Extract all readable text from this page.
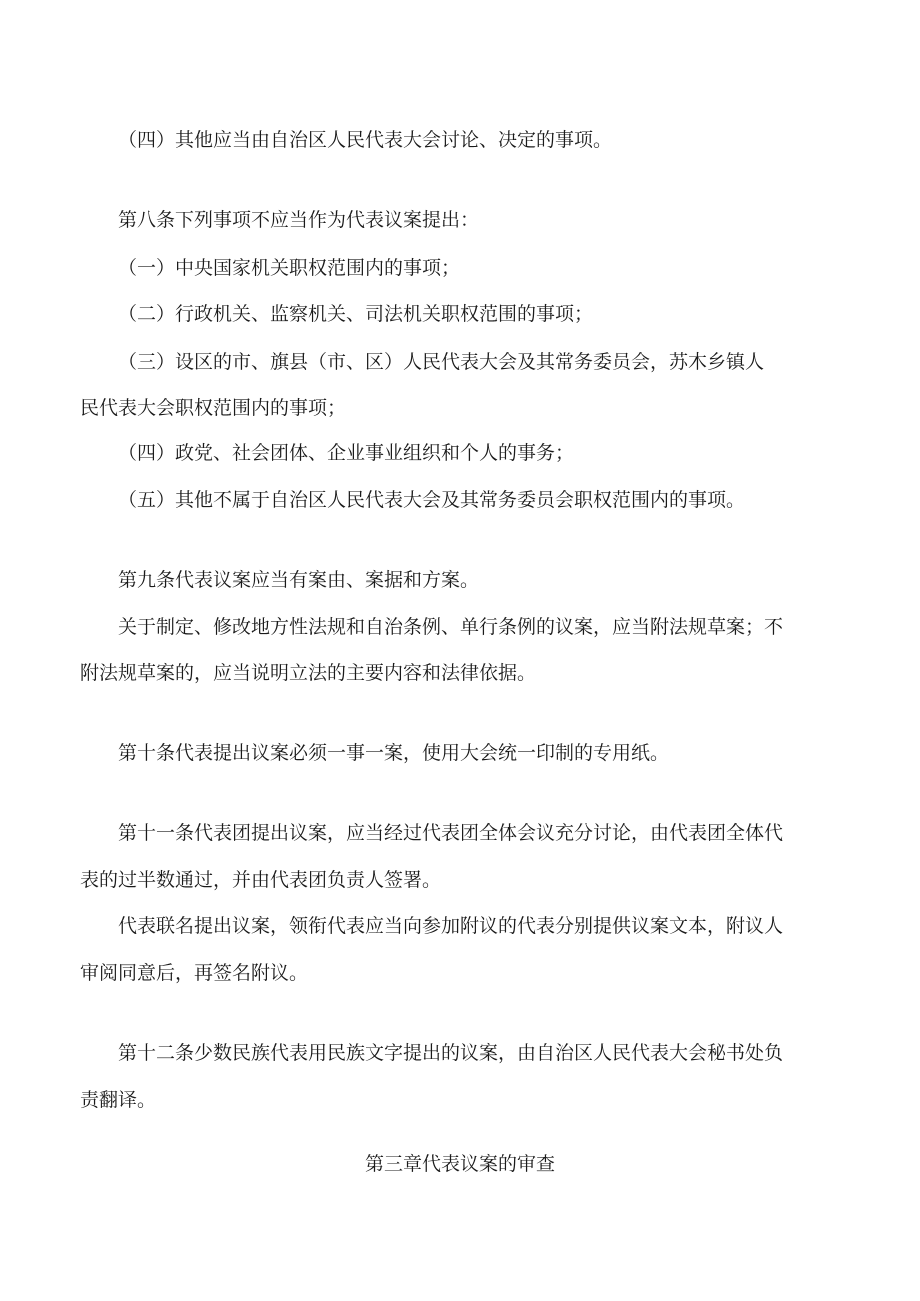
（四）其他应当由自治区人民代表大会讨论、决定的事项。

第八条下列事项不应当作为代表议案提出：

（一）中央国家机关职权范围内的事项；

（二）行政机关、监察机关、司法机关职权范围的事项；

（三）设区的市、旗县（市、区）人民代表大会及其常务委员会，苏木乡镇人

民代表大会职权范围内的事项；

（四）政党、社会团体、企业事业组织和个人的事务；

（五）其他不属于自治区人民代表大会及其常务委员会职权范围内的事项。

第九条代表议案应当有案由、案据和方案。

关于制定、修改地方性法规和自治条例、单行条例的议案，应当附法规草案；不

附法规草案的，应当说明立法的主要内容和法律依据。

第十条代表提出议案必须一事一案，使用大会统一印制的专用纸。

第十一条代表团提出议案，应当经过代表团全体会议充分讨论，由代表团全体代

表的过半数通过，并由代表团负责人签署。

代表联名提出议案，领衔代表应当向参加附议的代表分别提供议案文本，附议人

审阅同意后，再签名附议。

第十二条少数民族代表用民族文字提出的议案，由自治区人民代表大会秘书处负

责翻译。

第三章代表议案的审查
